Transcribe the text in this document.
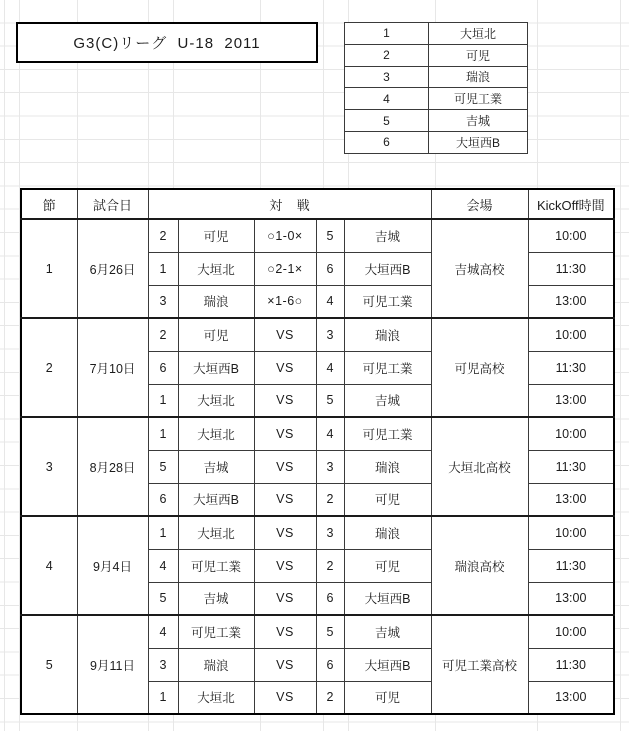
G3(C)リーグ  U-18  2011
1	大垣北
2	可児
3	瑞浪
4	可児工業
5	吉城
6	大垣西B
節	試合日	対    戦					会場	KickOff時間
1	6月26日	2	可児	○1-0×	5	吉城	吉城高校	10:00
		1	大垣北	○2-1×	6	大垣西B		11:30
		3	瑞浪	×1-6○	4	可児工業		13:00
2	7月10日	2	可児	VS	3	瑞浪	可児高校	10:00
		6	大垣西B	VS	4	可児工業		11:30
		1	大垣北	VS	5	吉城		13:00
3	8月28日	1	大垣北	VS	4	可児工業	大垣北高校	10:00
		5	吉城	VS	3	瑞浪		11:30
		6	大垣西B	VS	2	可児		13:00
4	9月4日	1	大垣北	VS	3	瑞浪	瑞浪高校	10:00
		4	可児工業	VS	2	可児		11:30
		5	吉城	VS	6	大垣西B		13:00
5	9月11日	4	可児工業	VS	5	吉城	可児工業高校	10:00
		3	瑞浪	VS	6	大垣西B		11:30
		1	大垣北	VS	2	可児		13:00
